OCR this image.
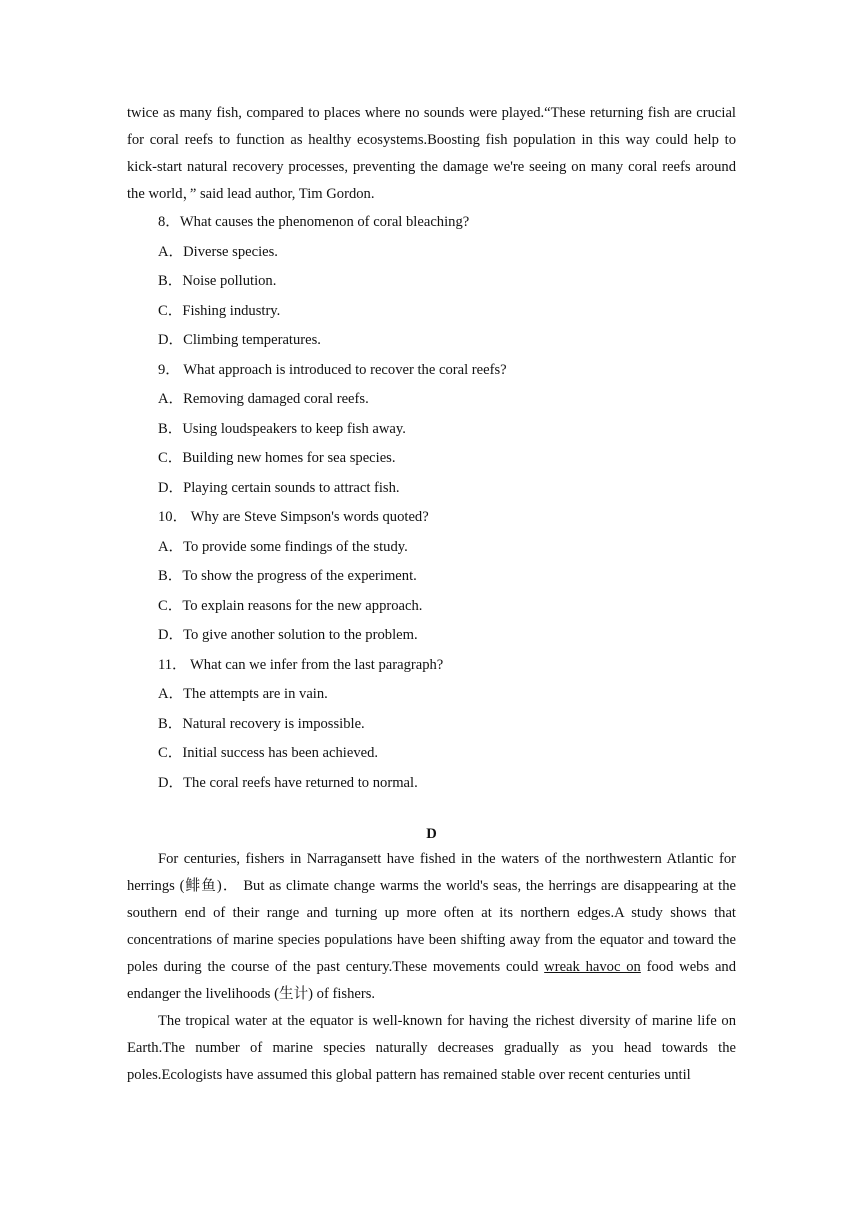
twice as many fish, compared to places where no sounds were played.“These returning fish are crucial for coral reefs to function as healthy ecosystems.Boosting fish population in this way could help to kick-start natural recovery processes, preventing the damage we're seeing on many coral reefs around the world，” said lead author, Tim Gordon.

8．What causes the phenomenon of coral bleaching?

A．Diverse species.

B．Noise pollution.

C．Fishing industry.

D．Climbing temperatures.

9． What approach is introduced to recover the coral reefs?

A．Removing damaged coral reefs.

B．Using loudspeakers to keep fish away.

C．Building new homes for sea species.

D．Playing certain sounds to attract fish.

10． Why are Steve Simpson's words quoted?

A．To provide some findings of the study.

B．To show the progress of the experiment.

C．To explain reasons for the new approach.

D．To give another solution to the problem.

11． What can we infer from the last paragraph?

A．The attempts are in vain.

B．Natural recovery is impossible.

C．Initial success has been achieved.

D．The coral reefs have returned to normal.

D

For centuries, fishers in Narragansett have fished in the waters of the northwestern Atlantic for herrings (鲱鱼)． But as climate change warms the world's seas, the herrings are disappearing at the southern end of their range and turning up more often at its northern edges.A study shows that concentrations of marine species populations have been shifting away from the equator and toward the poles during the course of the past century.These movements could wreak havoc on food webs and endanger the livelihoods (生计) of fishers.

The tropical water at the equator is well-known for having the richest diversity of marine life on Earth.The number of marine species naturally decreases gradually as you head towards the poles.Ecologists have assumed this global pattern has remained stable over recent centuries until
